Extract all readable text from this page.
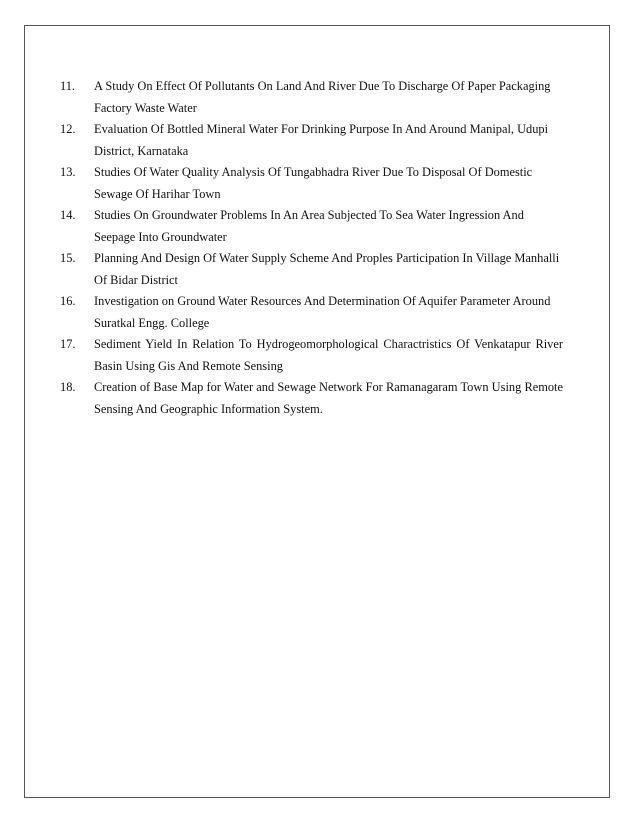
11. A Study On Effect Of Pollutants On Land And River Due To Discharge Of Paper Packaging Factory Waste Water
12. Evaluation Of Bottled Mineral Water For Drinking Purpose In And Around Manipal, Udupi District, Karnataka
13. Studies Of Water Quality Analysis Of Tungabhadra River Due To Disposal Of Domestic Sewage Of Harihar Town
14. Studies On Groundwater Problems In An Area Subjected To Sea Water Ingression And Seepage Into Groundwater
15. Planning And Design Of Water Supply Scheme And Proples Participation In Village Manhalli Of Bidar District
16. Investigation on Ground Water Resources And Determination Of Aquifer Parameter Around Suratkal Engg. College
17. Sediment Yield In Relation To Hydrogeomorphological Charactristics Of Venkatapur River Basin Using Gis And Remote Sensing
18. Creation of Base Map for Water and Sewage Network For Ramanagaram Town Using Remote Sensing And Geographic Information System.
